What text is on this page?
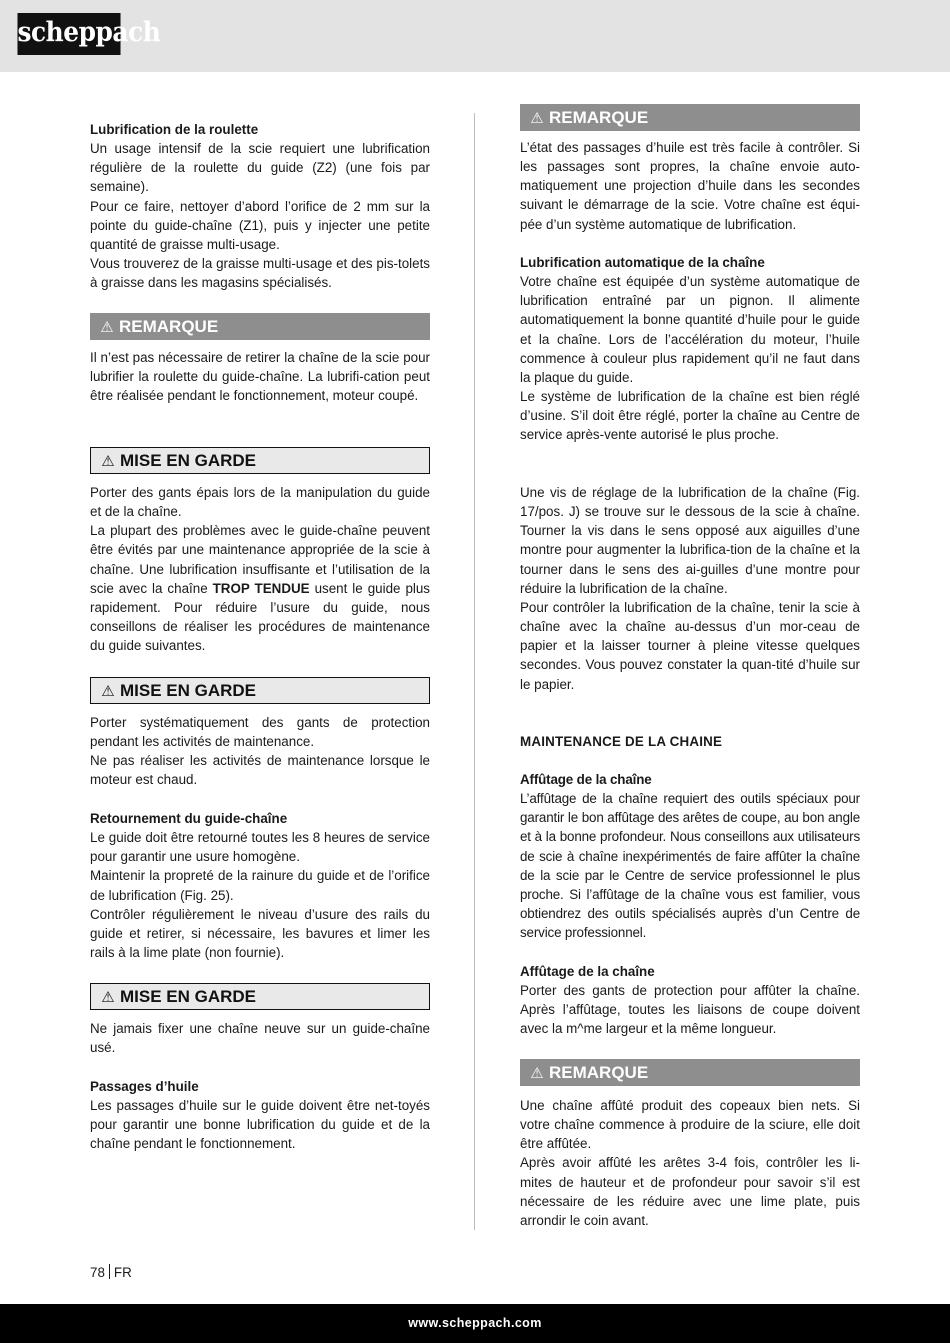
scheppach

Lubrification de la roulette

Un usage intensif de la scie requiert une lubrification régulière de la roulette du guide (Z2) (une fois par semaine).

Pour ce faire, nettoyer d’abord l’orifice de 2 mm sur la pointe du guide-chaîne (Z1), puis y injecter une petite quantité de graisse multi-usage.

Vous trouverez de la graisse multi-usage et des pis-tolets à graisse dans les magasins spécialisés.

⚠ REMARQUE

Il n’est pas nécessaire de retirer la chaîne de la scie pour lubrifier la roulette du guide-chaîne. La lubrifi-cation peut être réalisée pendant le fonctionnement, moteur coupé.

⚠ MISE EN GARDE

Porter des gants épais lors de la manipulation du guide et de la chaîne.

La plupart des problèmes avec le guide-chaîne peuvent être évités par une maintenance appropriée de la scie à chaîne. Une lubrification insuffisante et l’utilisation de la scie avec la chaîne TROP TENDUE usent le guide plus rapidement. Pour réduire l’usure du guide, nous conseillons de réaliser les procédures de maintenance du guide suivantes.

⚠ MISE EN GARDE

Porter systématiquement des gants de protection pendant les activités de maintenance.

Ne pas réaliser les activités de maintenance lorsque le moteur est chaud.

Retournement du guide-chaîne

Le guide doit être retourné toutes les 8 heures de service pour garantir une usure homogène.

Maintenir la propreté de la rainure du guide et de l’orifice de lubrification (Fig. 25).

Contrôler régulièrement le niveau d’usure des rails du guide et retirer, si nécessaire, les bavures et limer les rails à la lime plate (non fournie).

⚠ MISE EN GARDE

Ne jamais fixer une chaîne neuve sur un guide-chaîne usé.

Passages d’huile

Les passages d’huile sur le guide doivent être net-toyés pour garantir une bonne lubrification du guide et de la chaîne pendant le fonctionnement.

⚠ REMARQUE

L’état des passages d’huile est très facile à contrôler. Si les passages sont propres, la chaîne envoie auto-matiquement une projection d’huile dans les secondes suivant le démarrage de la scie. Votre chaîne est équi-pée d’un système automatique de lubrification.

Lubrification automatique de la chaîne

Votre chaîne est équipée d’un système automatique de lubrification entraîné par un pignon. Il alimente automatiquement la bonne quantité d’huile pour le guide et la chaîne. Lors de l’accélération du moteur, l’huile commence à couleur plus rapidement qu’il ne faut dans la plaque du guide.

Le système de lubrification de la chaîne est bien réglé d’usine. S’il doit être réglé, porter la chaîne au Centre de service après-vente autorisé le plus proche.

Une vis de réglage de la lubrification de la chaîne (Fig. 17/pos. J) se trouve sur le dessous de la scie à chaîne. Tourner la vis dans le sens opposé aux aiguilles d’une montre pour augmenter la lubrifica-tion de la chaîne et la tourner dans le sens des ai-guilles d’une montre pour réduire la lubrification de la chaîne.

Pour contrôler la lubrification de la chaîne, tenir la scie à chaîne avec la chaîne au-dessus d’un mor-ceau de papier et la laisser tourner à pleine vitesse quelques secondes. Vous pouvez constater la quan-tité d’huile sur le papier.

MAINTENANCE DE LA CHAINE

Affûtage de la chaîne

L’affûtage de la chaîne requiert des outils spéciaux pour garantir le bon affûtage des arêtes de coupe, au bon angle et à la bonne profondeur. Nous conseillons aux utilisateurs de scie à chaîne inexpérimentés de faire affûter la chaîne de la scie par le Centre de service professionnel le plus proche. Si l’affûtage de la chaîne vous est familier, vous obtiendrez des outils spécialisés auprès d’un Centre de service professionnel.

Affûtage de la chaîne

Porter des gants de protection pour affûter la chaîne. Après l’affûtage, toutes les liaisons de coupe doivent avec la m^me largeur et la même longueur.

⚠ REMARQUE

Une chaîne affûté produit des copeaux bien nets. Si votre chaîne commence à produire de la sciure, elle doit être affûtée.

Après avoir affûté les arêtes 3-4 fois, contrôler les li-mites de hauteur et de profondeur pour savoir s’il est nécessaire de les réduire avec une lime plate, puis arrondir le coin avant.

78 FR
www.scheppach.com
